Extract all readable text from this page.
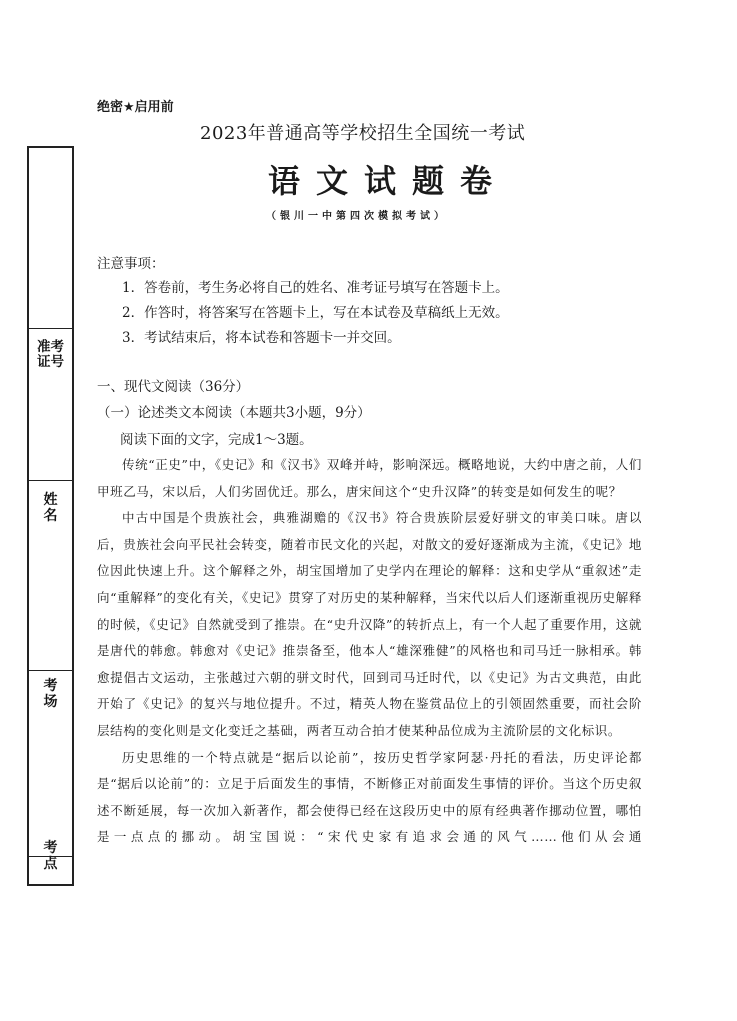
准考证号
姓名
考场
考点
绝密★启用前
2023年普通高等学校招生全国统一考试
语文试题卷
（银川一中第四次模拟考试）
注意事项：
1．答卷前，考生务必将自己的姓名、准考证号填写在答题卡上。
2．作答时，将答案写在答题卡上，写在本试卷及草稿纸上无效。
3．考试结束后，将本试卷和答题卡一并交回。
一、现代文阅读（36分）
（一）论述类文本阅读（本题共3小题，9分）
阅读下面的文字，完成1～3题。

传统“正史”中，《史记》和《汉书》双峰并峙，影响深远。概略地说，大约中唐之前，人们甲班乙马，宋以后，人们劣固优迁。那么，唐宋间这个“史升汉降”的转变是如何发生的呢？

中古中国是个贵族社会，典雅湖赡的《汉书》符合贵族阶层爱好骈文的审美口味。唐以后，贵族社会向平民社会转变，随着市民文化的兴起，对散文的爱好逐渐成为主流，《史记》地位因此快速上升。这个解释之外，胡宝国增加了史学内在理论的解释：这和史学从“重叙述”走向“重解释”的变化有关，《史记》贯穿了对历史的某种解释，当宋代以后人们逐渐重视历史解释的时候，《史记》自然就受到了推崇。在“史升汉降”的转折点上，有一个人起了重要作用，这就是唐代的韩愈。韩愈对《史记》推崇备至，他本人“雄深雅健”的风格也和司马迁一脉相承。韩愈提倡古文运动，主张越过六朝的骈文时代，回到司马迁时代，以《史记》为古文典范，由此开始了《史记》的复兴与地位提升。不过，精英人物在鉴赏品位上的引领固然重要，而社会阶层结构的变化则是文化变迁之基础，两者互动合拍才使某种品位成为主流阶层的文化标识。

历史思维的一个特点就是“据后以论前”，按历史哲学家阿瑟·丹托的看法，历史评论都是“据后以论前”的：立足于后面发生的事情，不断修正对前面发生事情的评价。当这个历史叙述不断延展，每一次加入新著作，都会使得已经在这段历史中的原有经典著作挪动位置，哪怕是一点点的挪动。胡宝国说：“宋代史家有追求会通的风气……他们从会通
